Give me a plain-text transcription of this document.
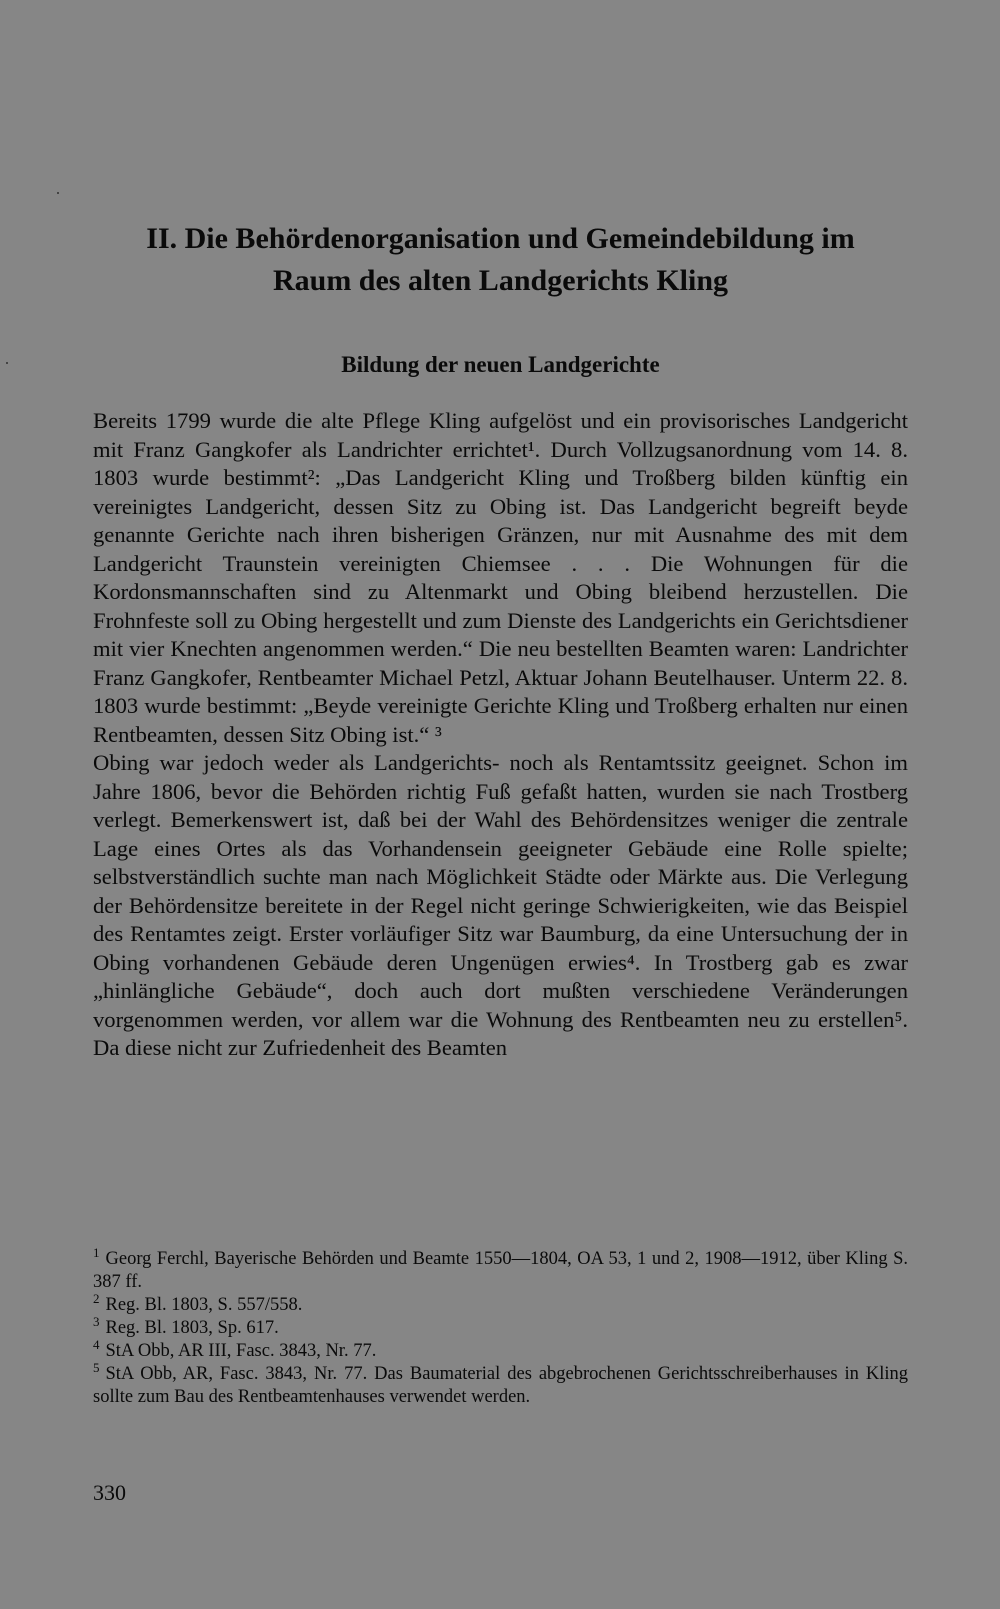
II. Die Behördenorganisation und Gemeindebildung im
Raum des alten Landgerichts Kling
Bildung der neuen Landgerichte

Bereits 1799 wurde die alte Pflege Kling aufgelöst und ein provisorisches Landgericht mit Franz Gangkofer als Landrichter errichtet¹. Durch Vollzugsanordnung vom 14. 8. 1803 wurde bestimmt²: „Das Landgericht Kling und Troßberg bilden künftig ein vereinigtes Landgericht, dessen Sitz zu Obing ist. Das Landgericht begreift beyde genannte Gerichte nach ihren bisherigen Gränzen, nur mit Ausnahme des mit dem Landgericht Traunstein vereinigten Chiemsee . . . Die Wohnungen für die Kordonsmannschaften sind zu Altenmarkt und Obing bleibend herzustellen. Die Frohnfeste soll zu Obing hergestellt und zum Dienste des Landgerichts ein Gerichtsdiener mit vier Knechten angenommen werden.“ Die neu bestellten Beamten waren: Landrichter Franz Gangkofer, Rentbeamter Michael Petzl, Aktuar Johann Beutelhauser. Unterm 22. 8. 1803 wurde bestimmt: „Beyde vereinigte Gerichte Kling und Troßberg erhalten nur einen Rentbeamten, dessen Sitz Obing ist.“ ³

Obing war jedoch weder als Landgerichts- noch als Rentamtssitz geeignet. Schon im Jahre 1806, bevor die Behörden richtig Fuß gefaßt hatten, wurden sie nach Trostberg verlegt. Bemerkenswert ist, daß bei der Wahl des Behördensitzes weniger die zentrale Lage eines Ortes als das Vorhandensein geeigneter Gebäude eine Rolle spielte; selbstverständlich suchte man nach Möglichkeit Städte oder Märkte aus. Die Verlegung der Behördensitze bereitete in der Regel nicht geringe Schwierigkeiten, wie das Beispiel des Rentamtes zeigt. Erster vorläufiger Sitz war Baumburg, da eine Untersuchung der in Obing vorhandenen Gebäude deren Ungenügen erwies⁴. In Trostberg gab es zwar „hinlängliche Gebäude“, doch auch dort mußten verschiedene Veränderungen vorgenommen werden, vor allem war die Wohnung des Rentbeamten neu zu erstellen⁵. Da diese nicht zur Zufriedenheit des Beamten

$^1$ Georg Ferchl, Bayerische Behörden und Beamte 1550—1804, OA 53, 1 und 2, 1908—1912, über Kling S. 387 ff.

$^2$ Reg. Bl. 1803, S. 557/558.

$^3$ Reg. Bl. 1803, Sp. 617.

$^4$ StA Obb, AR III, Fasc. 3843, Nr. 77.

$^5$ StA Obb, AR, Fasc. 3843, Nr. 77. Das Baumaterial des abgebrochenen Gerichtsschreiberhauses in Kling sollte zum Bau des Rentbeamtenhauses verwendet werden.

330
